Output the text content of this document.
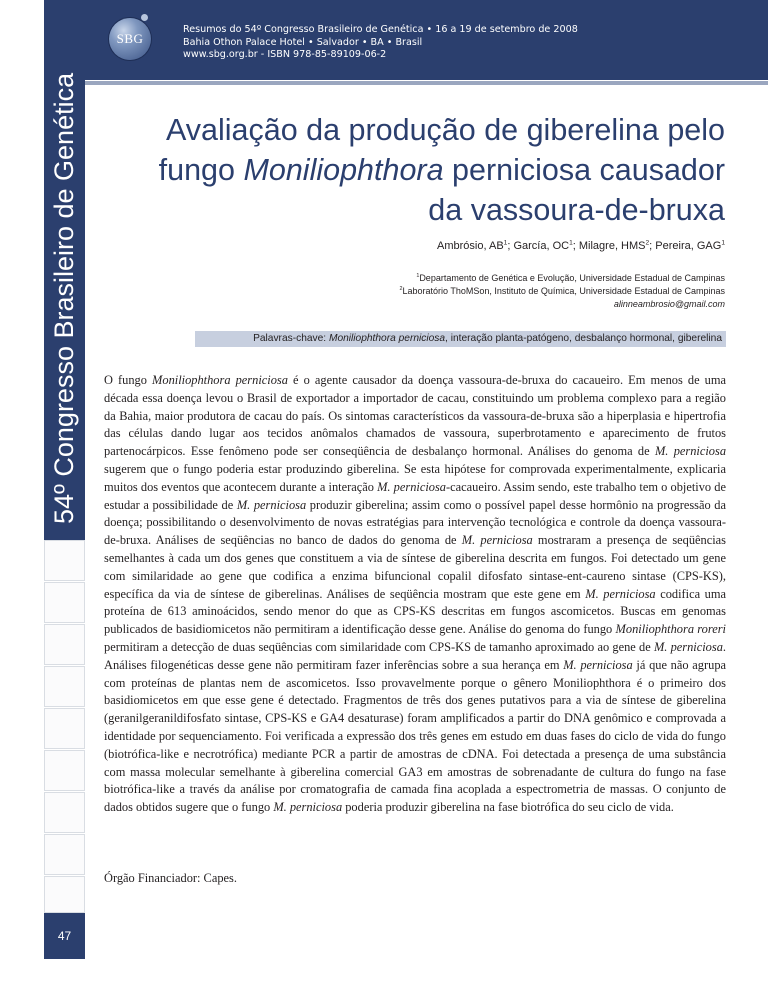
54º Congresso Brasileiro de Genética
47
SBG
Resumos do 54º Congresso Brasileiro de Genética • 16 a 19 de setembro de 2008
Bahia Othon Palace Hotel • Salvador • BA • Brasil
www.sbg.org.br - ISBN 978-85-89109-06-2
Avaliação da produção de giberelina pelo
fungo Moniliophthora perniciosa causador
da vassoura-de-bruxa
Ambrósio, $AB^1$; García, $OC^1$; Milagre, HMS$^2$; Pereira, GAG$^1$
$^1$Departamento de Genética e Evolução, Universidade Estadual de Campinas
$^2$Laboratório ThoMSon, Instituto de Química, Universidade Estadual de Campinas
alinneambrosio@gmail.com
Palavras-chave: Moniliophthora perniciosa, interação planta-patógeno, desbalanço hormonal, giberelina
O fungo Moniliophthora perniciosa é o agente causador da doença vassoura-de-bruxa do cacaueiro. Em menos de uma década essa doença levou o Brasil de exportador a importador de cacau, constituindo um problema complexo para a região da Bahia, maior produtora de cacau do país. Os sintomas característicos da vassoura-de-bruxa são a hiperplasia e hipertrofia das células dando lugar aos tecidos anômalos chamados de vassoura, superbrotamento e aparecimento de frutos partenocárpicos. Esse fenômeno pode ser conseqüência de desbalanço hormonal. Análises do genoma de M. perniciosa sugerem que o fungo poderia estar produzindo giberelina. Se esta hipótese for comprovada experimentalmente, explicaria muitos dos eventos que acontecem durante a interação M. perniciosa-cacaueiro. Assim sendo, este trabalho tem o objetivo de estudar a possibilidade de M. perniciosa produzir giberelina; assim como o possível papel desse hormônio na progressão da doença; possibilitando o desenvolvimento de novas estratégias para intervenção tecnológica e controle da doença vassoura-de-bruxa. Análises de seqüências no banco de dados do genoma de M. perniciosa mostraram a presença de seqüências semelhantes à cada um dos genes que constituem a via de síntese de giberelina descrita em fungos. Foi detectado um gene com similaridade ao gene que codifica a enzima bifuncional copalil difosfato sintase-ent-caureno sintase (CPS-KS), específica da via de síntese de giberelinas. Análises de seqüência mostram que este gene em M. perniciosa codifica uma proteína de 613 aminoácidos, sendo menor do que as CPS-KS descritas em fungos ascomicetos. Buscas em genomas publicados de basidiomicetos não permitiram a identificação desse gene. Análise do genoma do fungo Moniliophthora roreri permitiram a detecção de duas seqüências com similaridade com CPS-KS de tamanho aproximado ao gene de M. perniciosa. Análises filogenéticas desse gene não permitiram fazer inferências sobre a sua herança em M. perniciosa já que não agrupa com proteínas de plantas nem de ascomicetos. Isso provavelmente porque o gênero Moniliophthora é o primeiro dos basidiomicetos em que esse gene é detectado. Fragmentos de três dos genes putativos para a via de síntese de giberelina (geranilgeranildifosfato sintase, CPS-KS e GA4 desaturase) foram amplificados a partir do DNA genômico e comprovada a identidade por sequenciamento. Foi verificada a expressão dos três genes em estudo em duas fases do ciclo de vida do fungo (biotrófica-like e necrotrófica) mediante PCR a partir de amostras de cDNA. Foi detectada a presença de uma substância com massa molecular semelhante à giberelina comercial GA3 em amostras de sobrenadante de cultura do fungo na fase biotrófica-like a través da análise por cromatografia de camada fina acoplada a espectrometria de massas. O conjunto de dados obtidos sugere que o fungo M. perniciosa poderia produzir giberelina na fase biotrófica do seu ciclo de vida.
Órgão Financiador: Capes.
